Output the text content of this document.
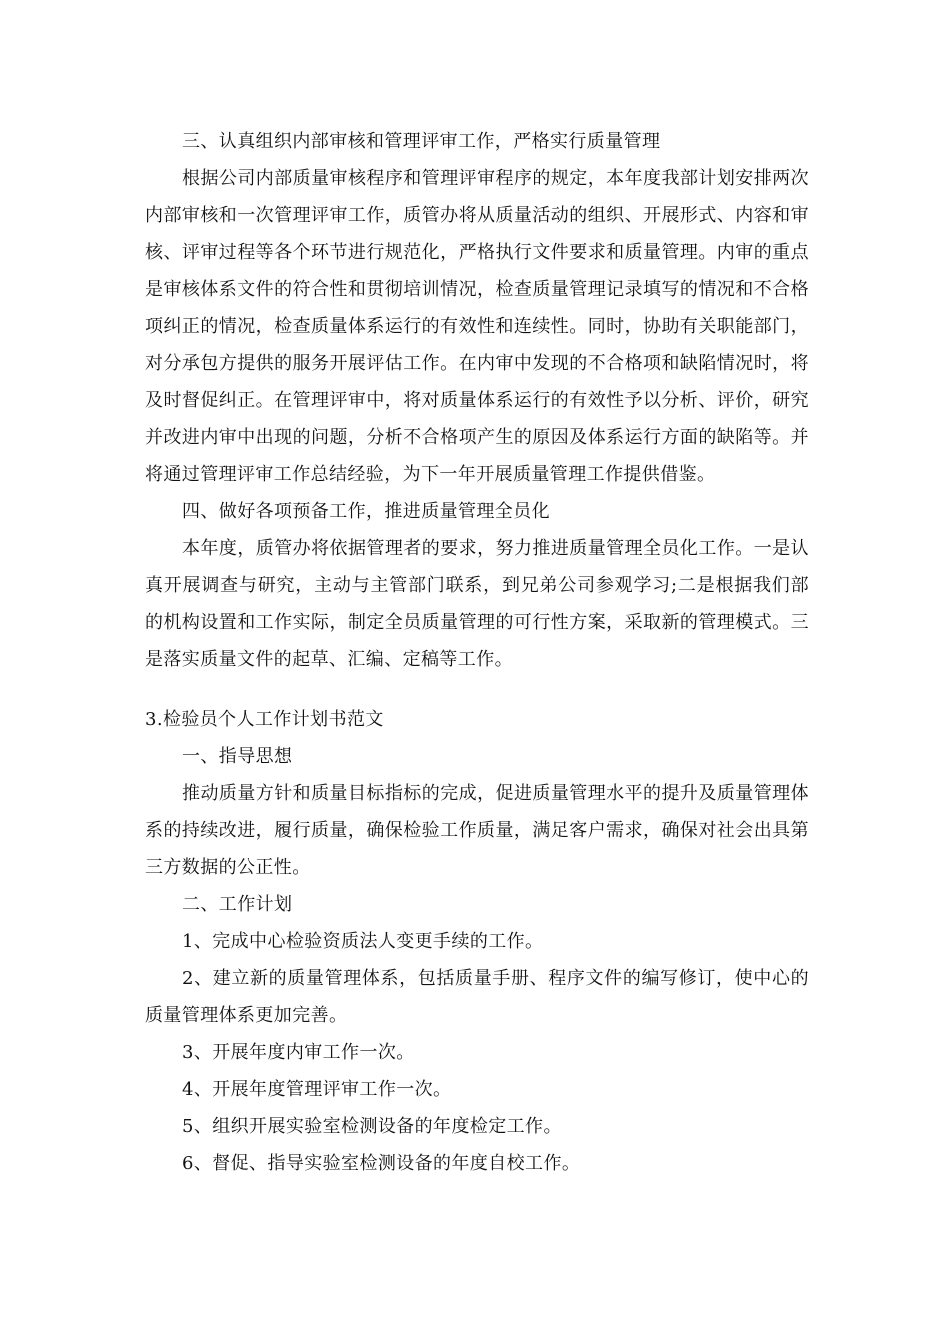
三、认真组织内部审核和管理评审工作，严格实行质量管理

根据公司内部质量审核程序和管理评审程序的规定，本年度我部计划安排两次内部审核和一次管理评审工作，质管办将从质量活动的组织、开展形式、内容和审核、评审过程等各个环节进行规范化，严格执行文件要求和质量管理。内审的重点是审核体系文件的符合性和贯彻培训情况，检查质量管理记录填写的情况和不合格项纠正的情况，检查质量体系运行的有效性和连续性。同时，协助有关职能部门，对分承包方提供的服务开展评估工作。在内审中发现的不合格项和缺陷情况时，将及时督促纠正。在管理评审中，将对质量体系运行的有效性予以分析、评价，研究并改进内审中出现的问题，分析不合格项产生的原因及体系运行方面的缺陷等。并将通过管理评审工作总结经验，为下一年开展质量管理工作提供借鉴。

四、做好各项预备工作，推进质量管理全员化

本年度，质管办将依据管理者的要求，努力推进质量管理全员化工作。一是认真开展调查与研究，主动与主管部门联系，到兄弟公司参观学习;二是根据我们部的机构设置和工作实际，制定全员质量管理的可行性方案，采取新的管理模式。三是落实质量文件的起草、汇编、定稿等工作。

3.检验员个人工作计划书范文

一、指导思想

推动质量方针和质量目标指标的完成，促进质量管理水平的提升及质量管理体系的持续改进，履行质量，确保检验工作质量，满足客户需求，确保对社会出具第三方数据的公正性。

二、工作计划

1、完成中心检验资质法人变更手续的工作。

2、建立新的质量管理体系，包括质量手册、程序文件的编写修订，使中心的质量管理体系更加完善。

3、开展年度内审工作一次。

4、开展年度管理评审工作一次。

5、组织开展实验室检测设备的年度检定工作。

6、督促、指导实验室检测设备的年度自校工作。
